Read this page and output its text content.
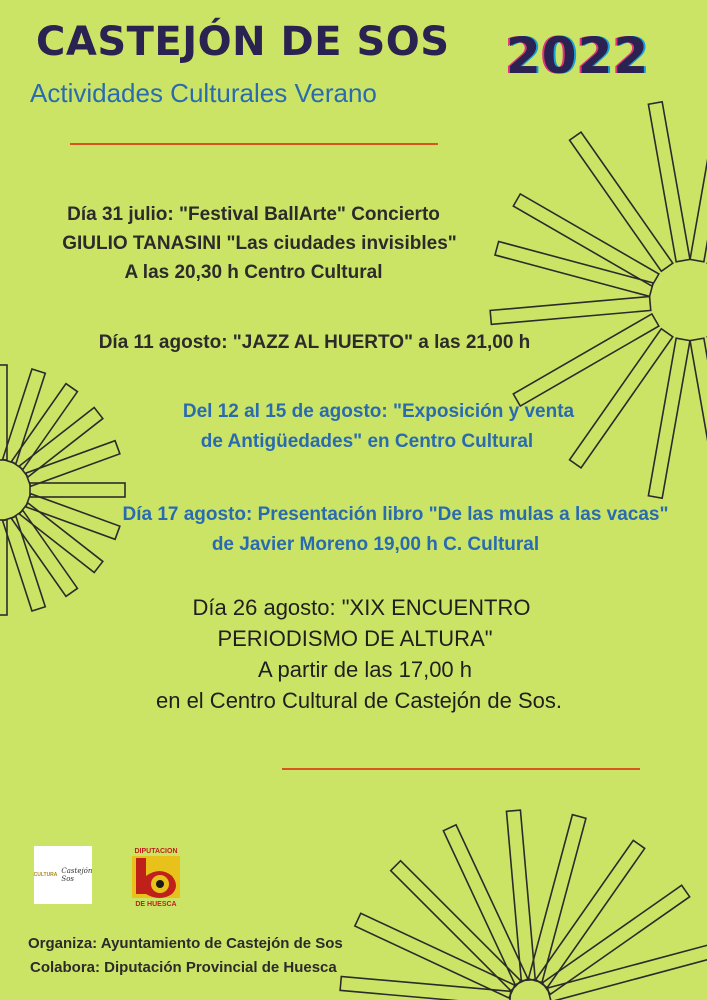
CASTEJÓN DE SOS 2022
Actividades Culturales Verano
Día 31 julio: "Festival BallArte" Concierto
GIULIO TANASINI "Las ciudades invisibles"
A las 20,30 h Centro Cultural
Día 11 agosto: "JAZZ AL HUERTO" a las 21,00 h
Del 12 al 15 de agosto: "Exposición y venta
de Antigüedades" en Centro Cultural
Día 17 agosto: Presentación libro "De las mulas a las vacas"
de Javier Moreno 19,00 h C. Cultural
Día 26 agosto: "XIX ENCUENTRO
PERIODISMO DE ALTURA"
A partir de las 17,00 h
en el Centro Cultural de Castejón de Sos.
CULTURA Castejón Sos
DIPUTACION
DE HUESCA
Organiza: Ayuntamiento de Castejón de Sos
Colabora: Diputación Provincial de Huesca
